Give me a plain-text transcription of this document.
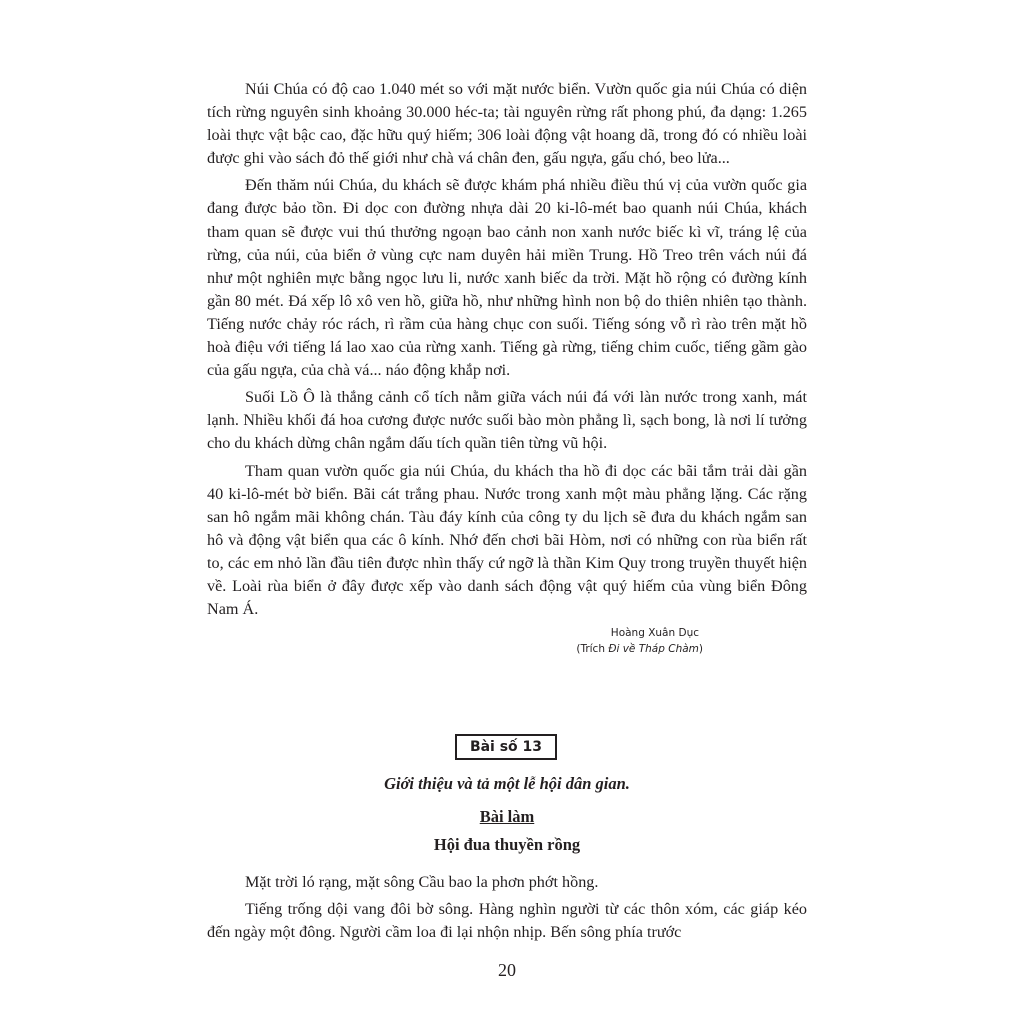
Núi Chúa có độ cao 1.040 mét so với mặt nước biển. Vườn quốc gia núi Chúa có diện tích rừng nguyên sinh khoảng 30.000 héc-ta; tài nguyên rừng rất phong phú, đa dạng: 1.265 loài thực vật bậc cao, đặc hữu quý hiếm; 306 loài động vật hoang dã, trong đó có nhiều loài được ghi vào sách đỏ thế giới như chà vá chân đen, gấu ngựa, gấu chó, beo lửa...

Đến thăm núi Chúa, du khách sẽ được khám phá nhiều điều thú vị của vườn quốc gia đang được bảo tồn. Đi dọc con đường nhựa dài 20 ki-lô-mét bao quanh núi Chúa, khách tham quan sẽ được vui thú thưởng ngoạn bao cảnh non xanh nước biếc kì vĩ, tráng lệ của rừng, của núi, của biển ở vùng cực nam duyên hải miền Trung. Hồ Treo trên vách núi đá như một nghiên mực bằng ngọc lưu li, nước xanh biếc da trời. Mặt hồ rộng có đường kính gần 80 mét. Đá xếp lô xô ven hồ, giữa hồ, như những hình non bộ do thiên nhiên tạo thành. Tiếng nước chảy róc rách, rì rầm của hàng chục con suối. Tiếng sóng vỗ rì rào trên mặt hồ hoà điệu với tiếng lá lao xao của rừng xanh. Tiếng gà rừng, tiếng chim cuốc, tiếng gầm gào của gấu ngựa, của chà vá... náo động khắp nơi.

Suối Lồ Ô là thắng cảnh cổ tích nằm giữa vách núi đá với làn nước trong xanh, mát lạnh. Nhiều khối đá hoa cương được nước suối bào mòn phẳng lì, sạch bong, là nơi lí tưởng cho du khách dừng chân ngắm dấu tích quần tiên từng vũ hội.

Tham quan vườn quốc gia núi Chúa, du khách tha hồ đi dọc các bãi tắm trải dài gần 40 ki-lô-mét bờ biển. Bãi cát trắng phau. Nước trong xanh một màu phẳng lặng. Các rặng san hô ngắm mãi không chán. Tàu đáy kính của công ty du lịch sẽ đưa du khách ngắm san hô và động vật biển qua các ô kính. Nhớ đến chơi bãi Hòm, nơi có những con rùa biển rất to, các em nhỏ lần đầu tiên được nhìn thấy cứ ngỡ là thần Kim Quy trong truyền thuyết hiện về. Loài rùa biển ở đây được xếp vào danh sách động vật quý hiếm của vùng biển Đông Nam Á.

Hoàng Xuân Dục
(Trích Đi về Tháp Chàm)
Bài số 13
Giới thiệu và tả một lễ hội dân gian.
Bài làm
Hội đua thuyền rồng

Mặt trời ló rạng, mặt sông Cầu bao la phơn phớt hồng.

Tiếng trống dội vang đôi bờ sông. Hàng nghìn người từ các thôn xóm, các giáp kéo đến ngày một đông. Người cầm loa đi lại nhộn nhịp. Bến sông phía trước

20
